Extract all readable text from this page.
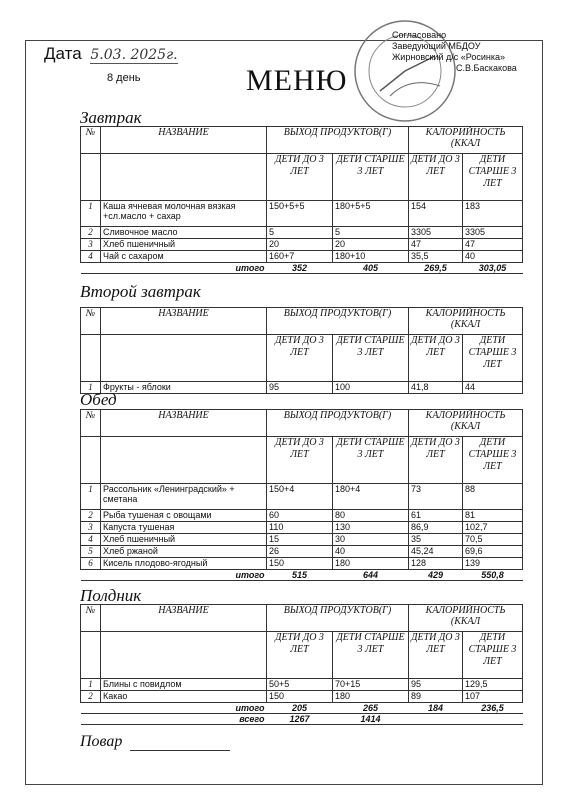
Дата 5.03. 2025г.
8 день	МЕНЮ
Согласовано
Заведующий МБДОУ
Жирновский д/с «Росинка»
С.В.Баскакова
Завтрак
№	НАЗВАНИЕ	ВЫХОД ПРОДУКТОВ(Г)		КАЛОРИЙНОСТЬ (ККАЛ	
		ДЕТИ ДО 3 ЛЕТ	ДЕТИ СТАРШЕ 3 ЛЕТ	ДЕТИ ДО 3 ЛЕТ	ДЕТИ СТАРШЕ 3 ЛЕТ
1	Каша ячневая молочная вязкая +сл.масло + сахар	150+5+5	180+5+5	154	183
2	Сливочное масло	5	5	3305	3305
3	Хлеб пшеничный	20	20	47	47
4	Чай с сахаром	160+7	180+10	35,5	40
	итого	352	405	269,5	303,05
Второй завтрак
№	НАЗВАНИЕ	ВЫХОД ПРОДУКТОВ(Г)		КАЛОРИЙНОСТЬ (ККАЛ	
		ДЕТИ ДО 3 ЛЕТ	ДЕТИ СТАРШЕ 3 ЛЕТ	ДЕТИ ДО 3 ЛЕТ	ДЕТИ СТАРШЕ 3 ЛЕТ
1	Фрукты - яблоки	95	100	41,8	44
Обед
№	НАЗВАНИЕ	ВЫХОД ПРОДУКТОВ(Г)		КАЛОРИЙНОСТЬ (ККАЛ	
		ДЕТИ ДО 3 ЛЕТ	ДЕТИ СТАРШЕ 3 ЛЕТ	ДЕТИ ДО 3 ЛЕТ	ДЕТИ СТАРШЕ 3 ЛЕТ
1	Рассольник «Ленинградский» + сметана	150+4	180+4	73	88
2	Рыба тушеная с овощами	60	80	61	81
3	Капуста тушеная	110	130	86,9	102,7
4	Хлеб пшеничный	15	30	35	70,5
5	Хлеб ржаной	26	40	45,24	69,6
6	Кисель плодово-ягодный	150	180	128	139
	итого	515	644	429	550,8
Полдник
№	НАЗВАНИЕ	ВЫХОД ПРОДУКТОВ(Г)		КАЛОРИЙНОСТЬ (ККАЛ	
		ДЕТИ ДО 3 ЛЕТ	ДЕТИ СТАРШЕ 3 ЛЕТ	ДЕТИ ДО 3 ЛЕТ	ДЕТИ СТАРШЕ 3 ЛЕТ
1	Блины с повидлом	50+5	70+15	95	129,5
2	Какао	150	180	89	107
	итого	205	265	184	236,5
	всего	1267	1414		
Повар
